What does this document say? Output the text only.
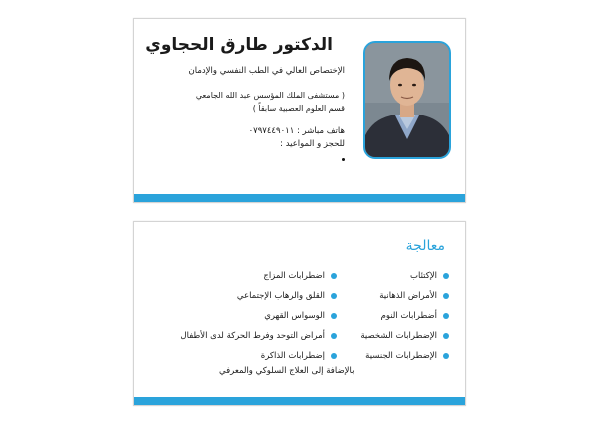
الدكتور طارق الحجاوي
الإختصاص العالي في الطب النفسي والإدمان
( مستشفى الملك المؤسس عبد الله الجامعي
قسم العلوم العصبية سابقاً )
هاتف مباشر : ٠٧٩٧٤٤٩٠١١
للحجز و المواعيد :
معالجة
الإكتئاب
الأمراض الذهانية
أضطرابات النوم
الإضطرابات الشخصية
الإضطرابات الجنسية
اضطرابات المزاج
القلق والرهاب الإجتماعي
الوسواس القهري
أمراض التوحد وفرط الحركة لدى الأطفال
إضطرابات الذاكرة
بالإضافة إلى العلاج السلوكي والمعرفي
